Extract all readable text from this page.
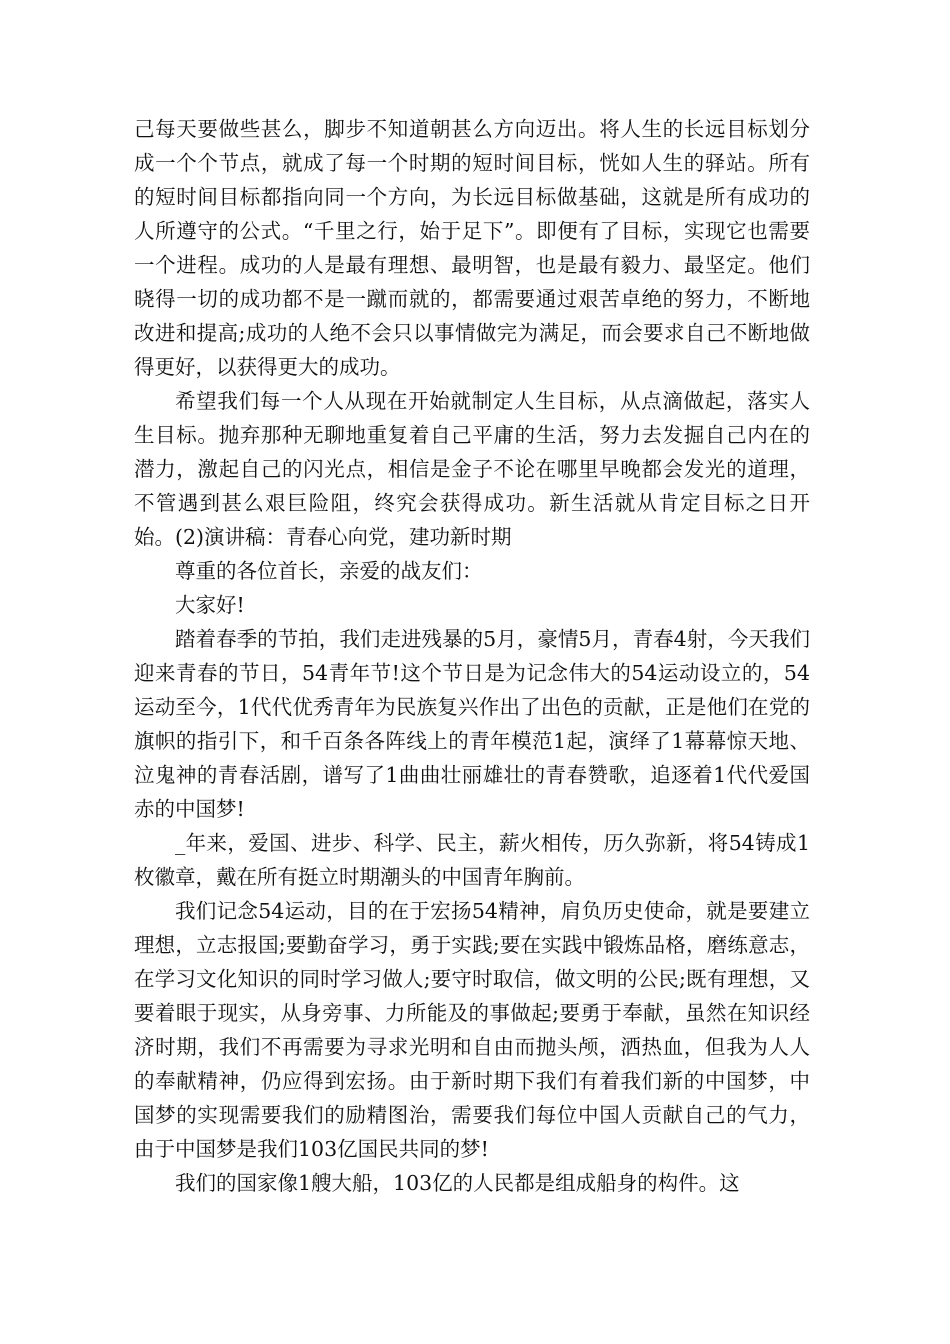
己每天要做些甚么，脚步不知道朝甚么方向迈出。将人生的长远目标划分成一个个节点，就成了每一个时期的短时间目标，恍如人生的驿站。所有的短时间目标都指向同一个方向，为长远目标做基础，这就是所有成功的人所遵守的公式。“千里之行，始于足下”。即便有了目标，实现它也需要一个进程。成功的人是最有理想、最明智，也是最有毅力、最坚定。他们晓得一切的成功都不是一蹴而就的，都需要通过艰苦卓绝的努力，不断地改进和提高;成功的人绝不会只以事情做完为满足，而会要求自己不断地做得更好，以获得更大的成功。

希望我们每一个人从现在开始就制定人生目标，从点滴做起，落实人生目标。抛弃那种无聊地重复着自己平庸的生活，努力去发掘自己内在的潜力，激起自己的闪光点，相信是金子不论在哪里早晚都会发光的道理，不管遇到甚么艰巨险阻，终究会获得成功。新生活就从肯定目标之日开始。(2)演讲稿：青春心向党，建功新时期

尊重的各位首长，亲爱的战友们：

大家好!

踏着春季的节拍，我们走进残暴的5月，豪情5月，青春4射，今天我们迎来青春的节日，54青年节!这个节日是为记念伟大的54运动设立的，54运动至今，1代代优秀青年为民族复兴作出了出色的贡献，正是他们在党的旗帜的指引下，和千百条各阵线上的青年模范1起，演绎了1幕幕惊天地、泣鬼神的青春活剧，谱写了1曲曲壮丽雄壮的青春赞歌，追逐着1代代爱国赤的中国梦!

_年来，爱国、进步、科学、民主，薪火相传，历久弥新，将54铸成1枚徽章，戴在所有挺立时期潮头的中国青年胸前。

我们记念54运动，目的在于宏扬54精神，肩负历史使命，就是要建立理想，立志报国;要勤奋学习，勇于实践;要在实践中锻炼品格，磨练意志，在学习文化知识的同时学习做人;要守时取信，做文明的公民;既有理想，又要着眼于现实，从身旁事、力所能及的事做起;要勇于奉献，虽然在知识经济时期，我们不再需要为寻求光明和自由而抛头颅，洒热血，但我为人人的奉献精神，仍应得到宏扬。由于新时期下我们有着我们新的中国梦，中国梦的实现需要我们的励精图治，需要我们每位中国人贡献自己的气力，由于中国梦是我们103亿国民共同的梦!

我们的国家像1艘大船，103亿的人民都是组成船身的构件。这
